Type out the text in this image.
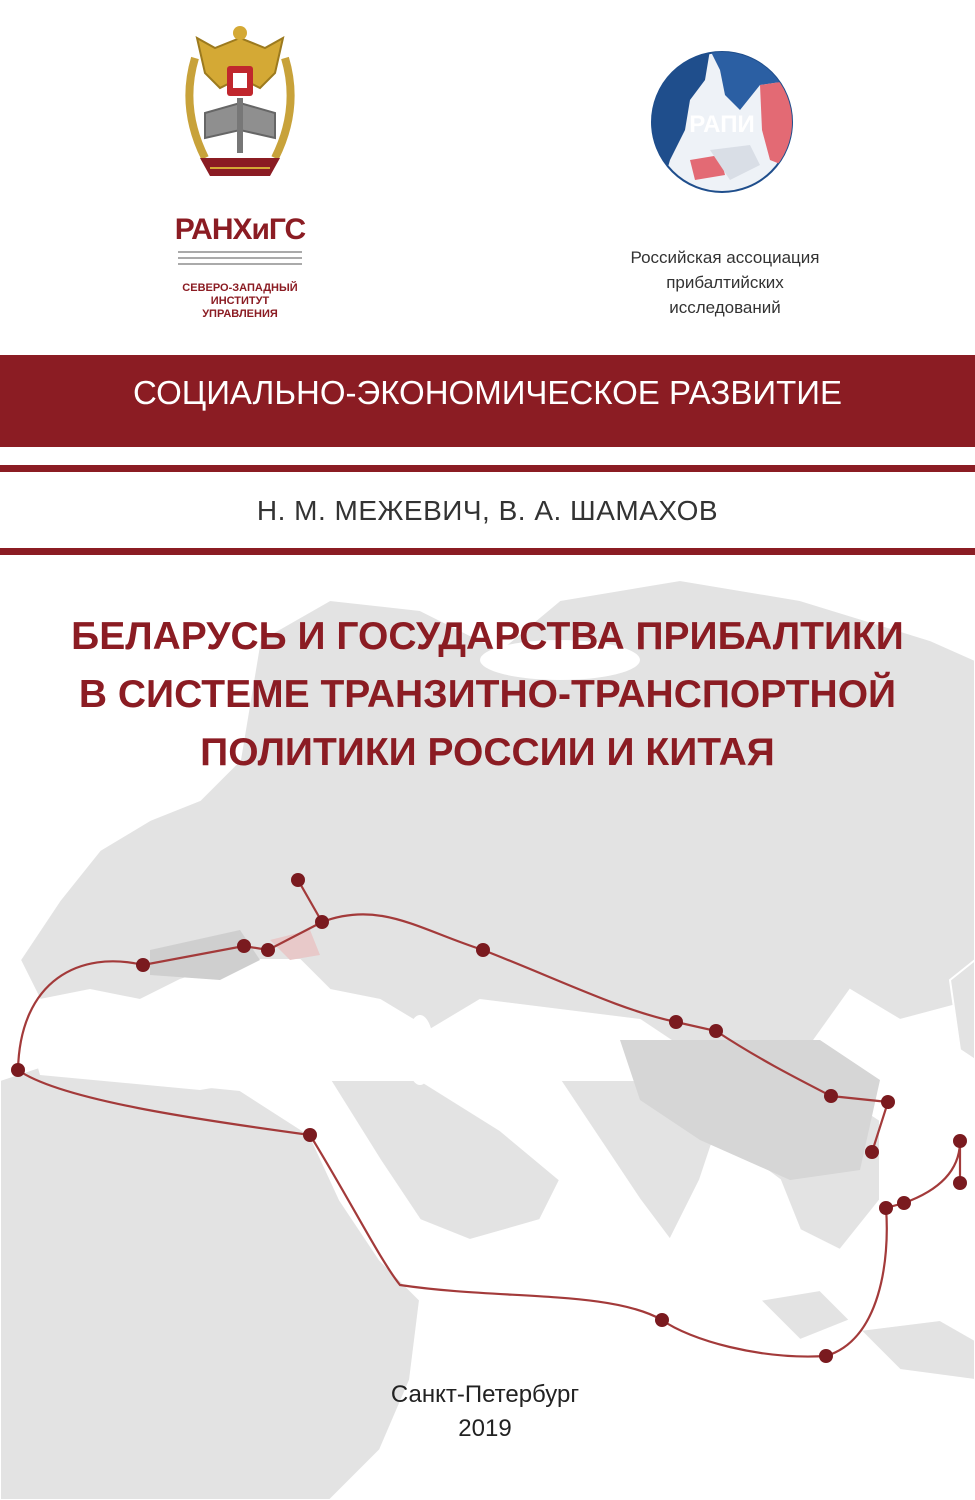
РАНХиГС
СЕВЕРО-ЗАПАДНЫЙ
ИНСТИТУТ
УПРАВЛЕНИЯ
РАПИ
Российская ассоциация
прибалтийских
исследований
СОЦИАЛЬНО-ЭКОНОМИЧЕСКОЕ РАЗВИТИЕ
Н. М. МЕЖЕВИЧ, В. А. ШАМАХОВ
БЕЛАРУСЬ И ГОСУДАРСТВА ПРИБАЛТИКИ
В СИСТЕМЕ ТРАНЗИТНО-ТРАНСПОРТНОЙ
ПОЛИТИКИ РОССИИ И КИТАЯ
Санкт-Петербург
2019
